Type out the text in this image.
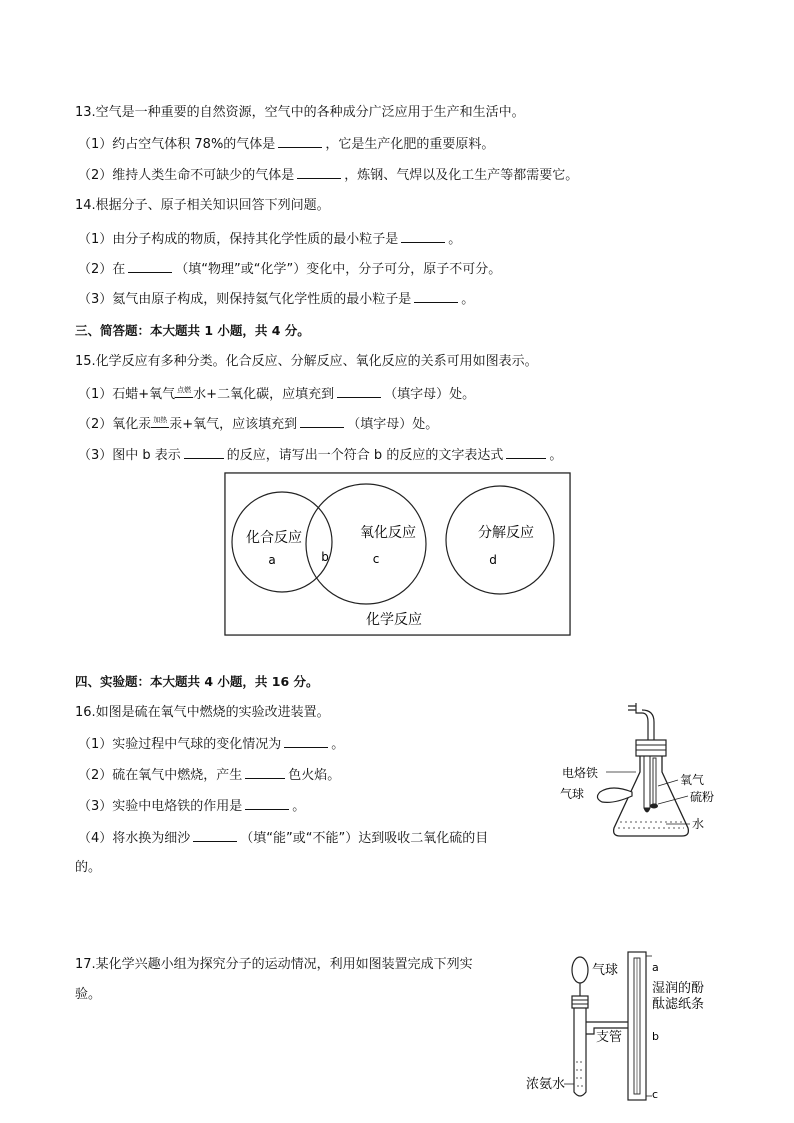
13.空气是一种重要的自然资源，空气中的各种成分广泛应用于生产和生活中。
（1）约占空气体积 78%的气体是	，它是生产化肥的重要原料。
（2）维持人类生命不可缺少的气体是	，炼钢、气焊以及化工生产等都需要它。
14.根据分子、原子相关知识回答下列问题。
（1）由分子构成的物质，保持其化学性质的最小粒子是	。
（2）在	（填“物理”或“化学”）变化中，分子可分，原子不可分。
（3）氦气由原子构成，则保持氦气化学性质的最小粒子是	。
三、简答题：本大题共 1 小题，共 4 分。
15.化学反应有多种分类。化合反应、分解反应、氧化反应的关系可用如图表示。
（1）石蜡+氧气 点燃 水+二氧化碳，应填充到	（填字母）处。
（2）氧化汞 加热 汞+氧气，应该填充到	（填字母）处。
（3）图中 b 表示	的反应，请写出一个符合 b 的反应的文字表达式	。
化合反应
a	b
氧化反应
c
分解反应
d
化学反应
四、实验题：本大题共 4 小题，共 16 分。
16.如图是硫在氧气中燃烧的实验改进装置。
（1）实验过程中气球的变化情况为	。
（2）硫在氧气中燃烧，产生	色火焰。
（3）实验中电烙铁的作用是	。
（4）将水换为细沙	（填“能”或“不能”）达到吸收二氧化硫的目
的。
电烙铁
气球
氧气
硫粉
水
17.某化学兴趣小组为探究分子的运动情况，利用如图装置完成下列实
验。
气球	a
湿润的酚
酞滤纸条
支管	b
浓氨水
c
